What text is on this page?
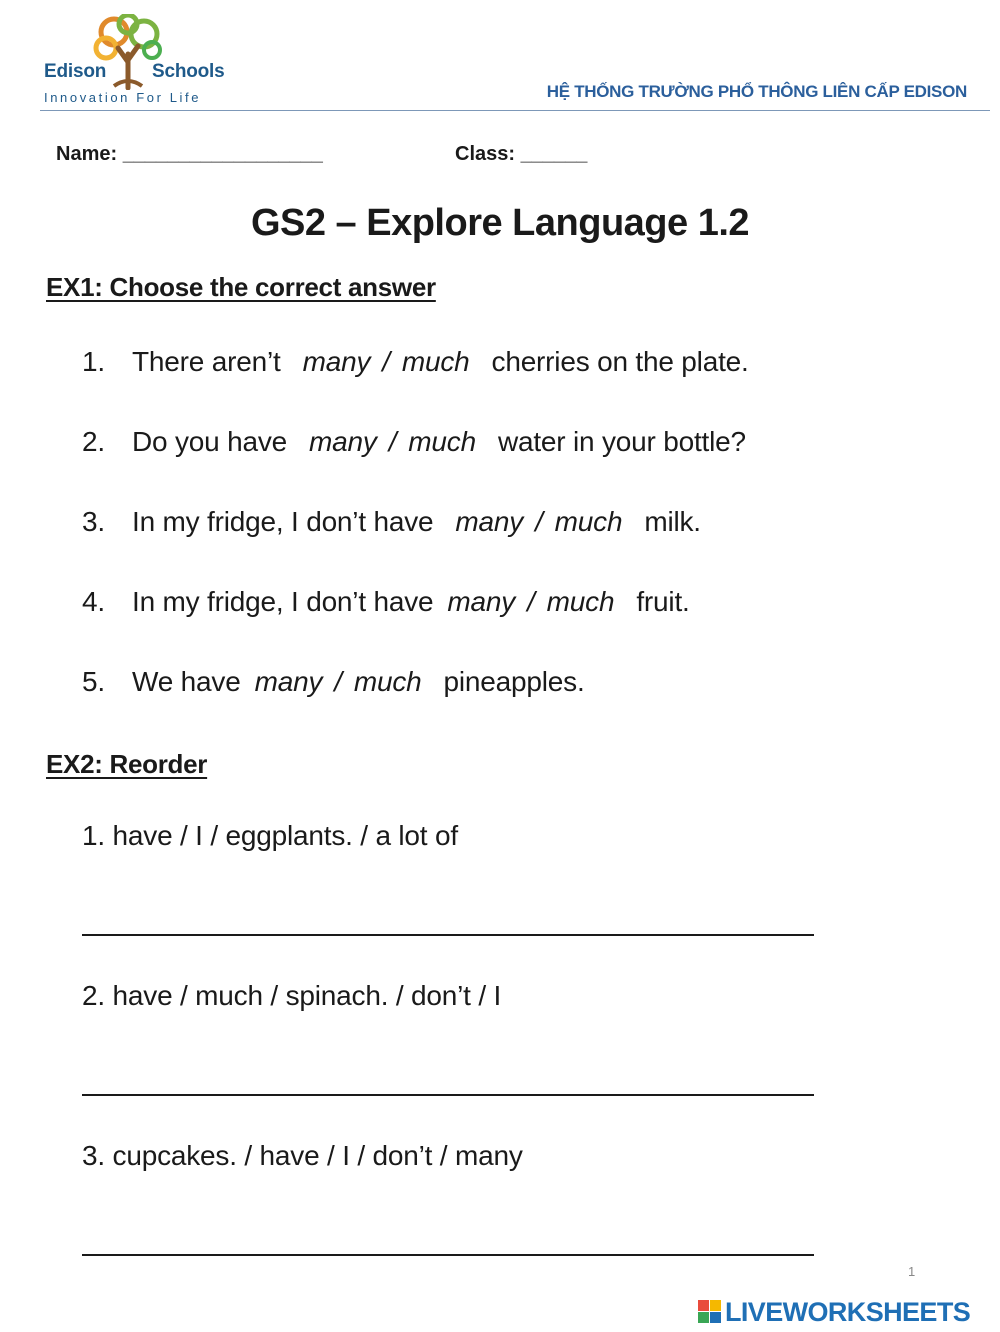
Edison Schools
Innovation For Life	HỆ THỐNG TRƯỜNG PHỔ THÔNG LIÊN CẤP EDISON
Name: __________________	Class: ______
GS2 – Explore Language 1.2
EX1: Choose the correct answer
1. There aren’t many / much cherries on the plate.
2. Do you have many / much water in your bottle?
3. In my fridge, I don’t have many / much milk.
4. In my fridge, I don’t have many / much fruit.
5. We have many / much pineapples.
EX2: Reorder
1. have / I / eggplants. / a lot of
2. have / much / spinach. / don’t / I
3. cupcakes. / have / I / don’t / many
1
LIVEWORKSHEETS
